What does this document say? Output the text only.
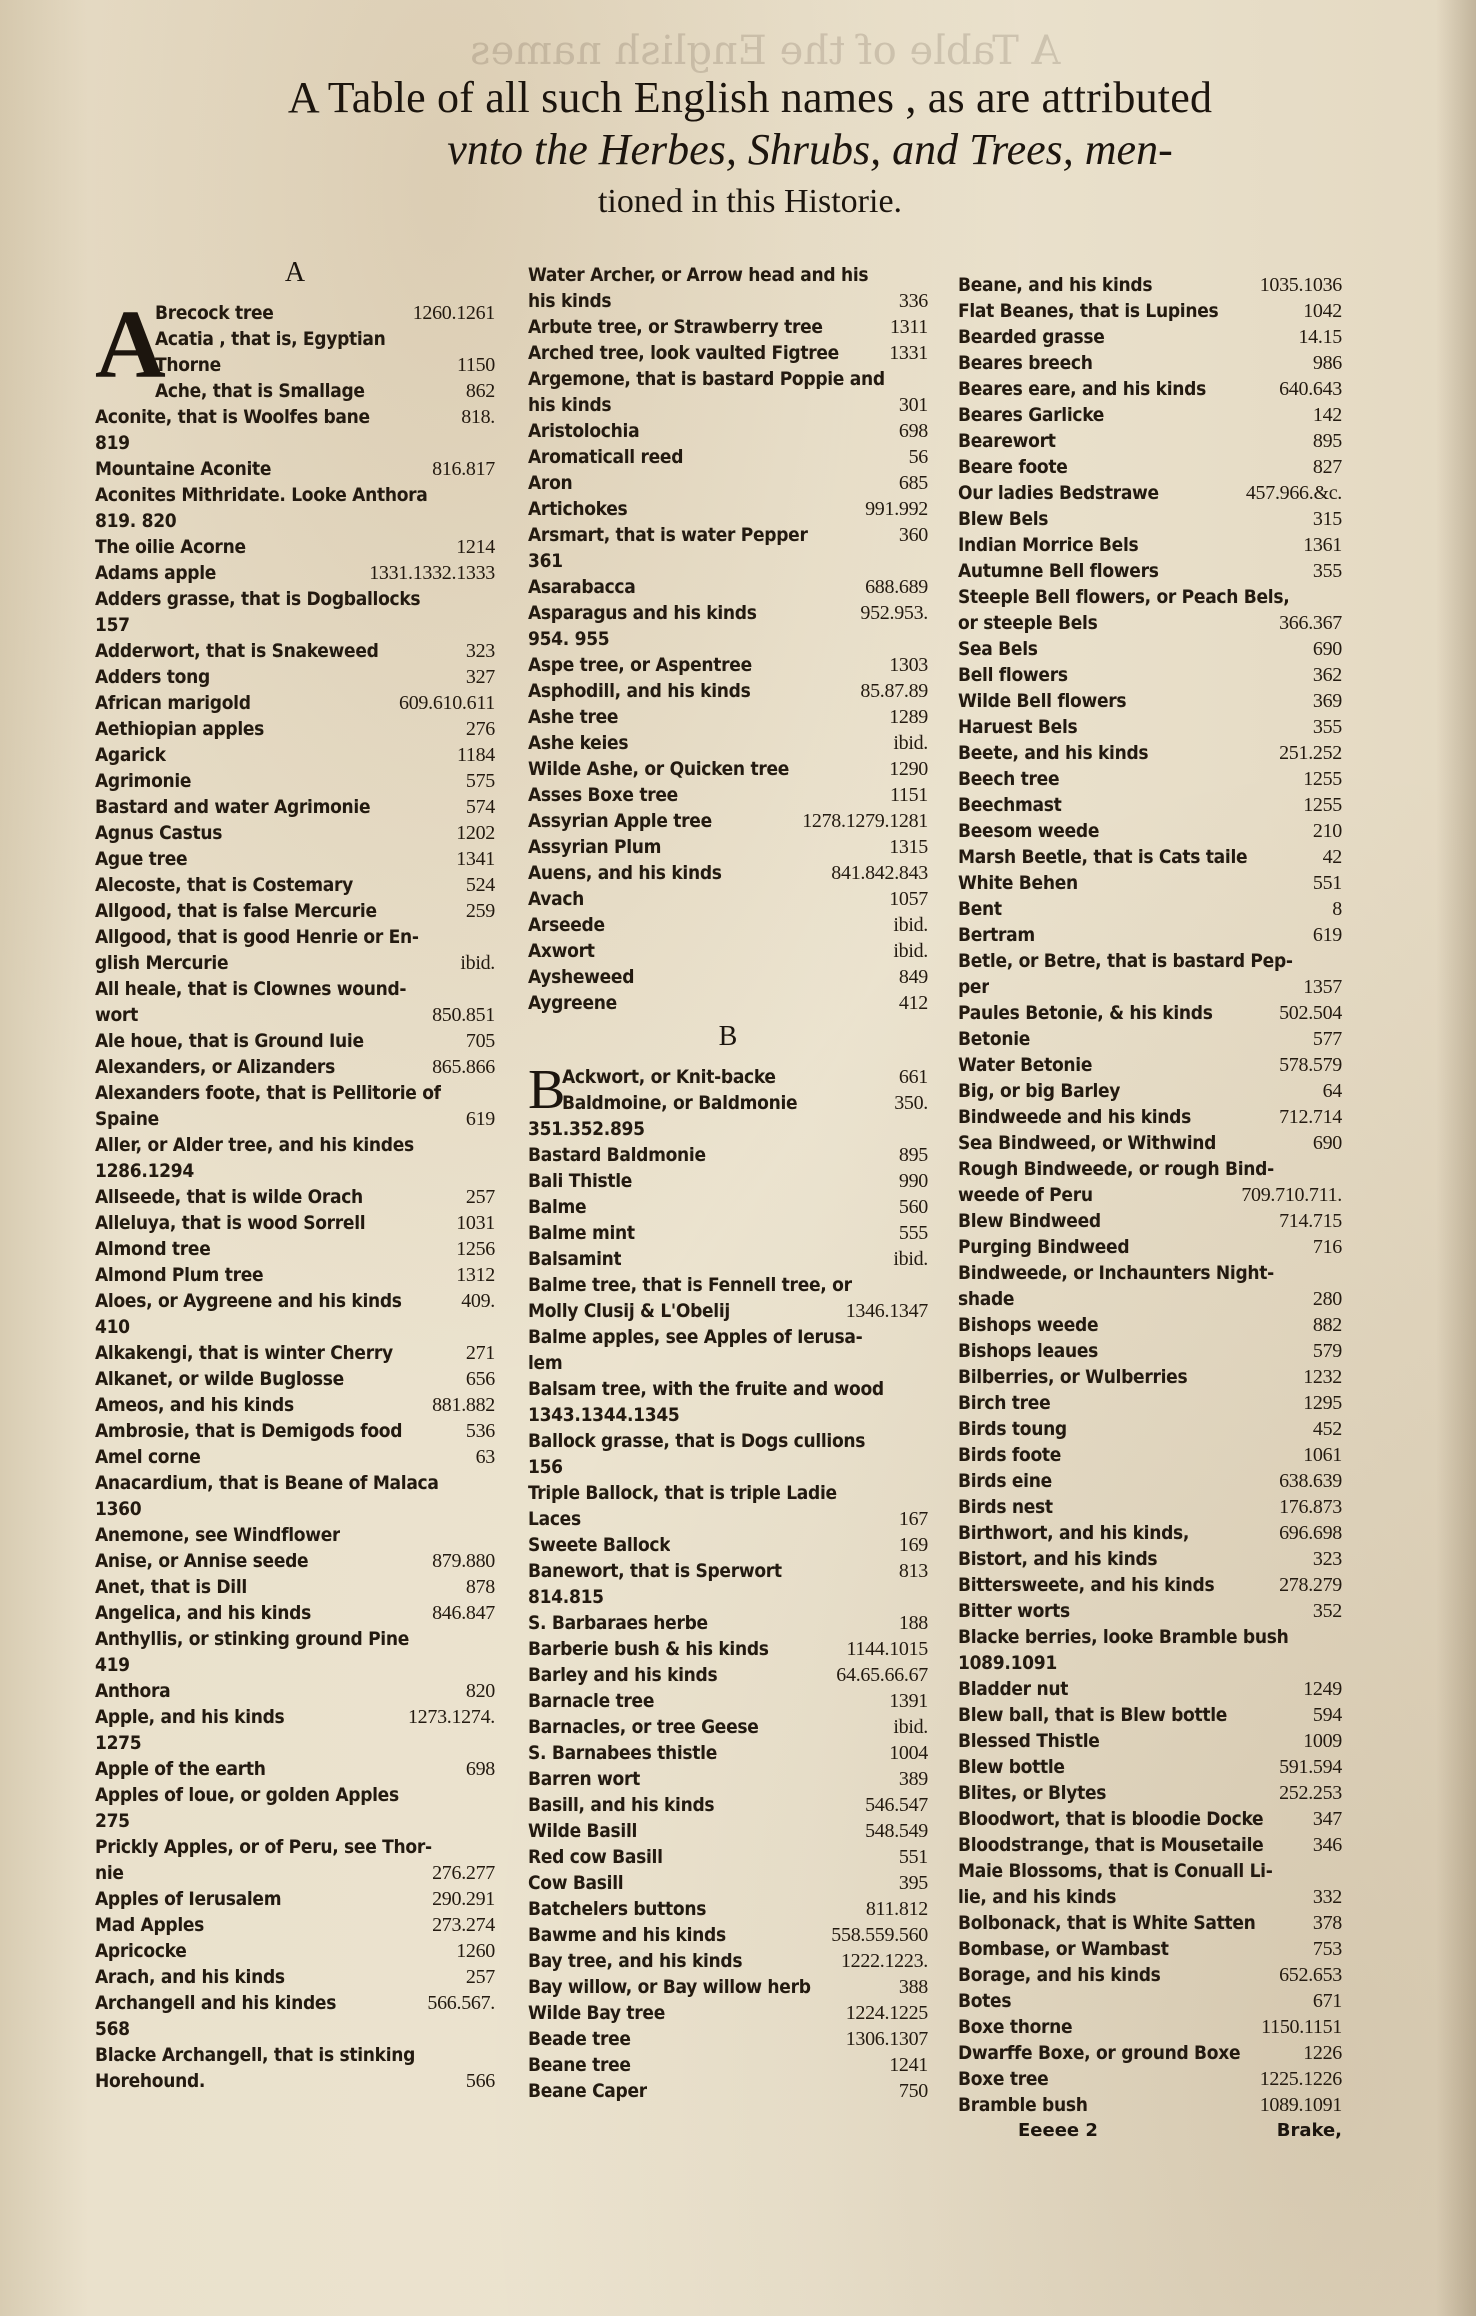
A Table of the English names
A Table of all such English names , as are attributed
vnto the Herbes, Shrubs, and Trees, men-
tioned in this Historie.
A
A
Brecock tree	1260.1261
Acatia , that is, Egyptian
Thorne	1150
Ache, that is Smallage	862
Aconite, that is Woolfes bane	818.
819
Mountaine Aconite	816.817
Aconites Mithridate. Looke Anthora
819. 820
The oilie Acorne	1214
Adams apple	1331.1332.1333
Adders grasse, that is Dogballocks
157
Adderwort, that is Snakeweed	323
Adders tong	327
African marigold	609.610.611
Aethiopian apples	276
Agarick	1184
Agrimonie	575
Bastard and water Agrimonie	574
Agnus Castus	1202
Ague tree	1341
Alecoste, that is Costemary	524
Allgood, that is false Mercurie	259
Allgood, that is good Henrie or En-
glish Mercurie	ibid.
All heale, that is Clownes wound-
wort	850.851
Ale houe, that is Ground Iuie	705
Alexanders, or Alizanders	865.866
Alexanders foote, that is Pellitorie of
Spaine	619
Aller, or Alder tree, and his kindes
1286.1294
Allseede, that is wilde Orach	257
Alleluya, that is wood Sorrell	1031
Almond tree	1256
Almond Plum tree	1312
Aloes, or Aygreene and his kinds	409.
410
Alkakengi, that is winter Cherry	271
Alkanet, or wilde Buglosse	656
Ameos, and his kinds	881.882
Ambrosie, that is Demigods food	536
Amel corne	63
Anacardium, that is Beane of Malaca
1360
Anemone, see Windflower
Anise, or Annise seede	879.880
Anet, that is Dill	878
Angelica, and his kinds	846.847
Anthyllis, or stinking ground Pine
419
Anthora	820
Apple, and his kinds	1273.1274.
1275
Apple of the earth	698
Apples of loue, or golden Apples
275
Prickly Apples, or of Peru, see Thor-
nie	276.277
Apples of Ierusalem	290.291
Mad Apples	273.274
Apricocke	1260
Arach, and his kinds	257
Archangell and his kindes	566.567.
568
Blacke Archangell, that is stinking
Horehound.	566
Water Archer, or Arrow head and his
his kinds	336
Arbute tree, or Strawberry tree	1311
Arched tree, look vaulted Figtree	1331
Argemone, that is bastard Poppie and
his kinds	301
Aristolochia	698
Aromaticall reed	56
Aron	685
Artichokes	991.992
Arsmart, that is water Pepper	360
361
Asarabacca	688.689
Asparagus and his kinds	952.953.
954. 955
Aspe tree, or Aspentree	1303
Asphodill, and his kinds	85.87.89
Ashe tree	1289
Ashe keies	ibid.
Wilde Ashe, or Quicken tree	1290
Asses Boxe tree	1151
Assyrian Apple tree	1278.1279.1281
Assyrian Plum	1315
Auens, and his kinds	841.842.843
Avach	1057
Arseede	ibid.
Axwort	ibid.
Aysheweed	849
Aygreene	412
B
B
Ackwort, or Knit-backe	661
Baldmoine, or Baldmonie	350.
351.352.895
Bastard Baldmonie	895
Bali Thistle	990
Balme	560
Balme mint	555
Balsamint	ibid.
Balme tree, that is Fennell tree, or
Molly Clusij & L'Obelij	1346.1347
Balme apples, see Apples of Ierusa-
lem
Balsam tree, with the fruite and wood
1343.1344.1345
Ballock grasse, that is Dogs cullions
156
Triple Ballock, that is triple Ladie
Laces	167
Sweete Ballock	169
Banewort, that is Sperwort	813
814.815
S. Barbaraes herbe	188
Barberie bush & his kinds	1144.1015
Barley and his kinds	64.65.66.67
Barnacle tree	1391
Barnacles, or tree Geese	ibid.
S. Barnabees thistle	1004
Barren wort	389
Basill, and his kinds	546.547
Wilde Basill	548.549
Red cow Basill	551
Cow Basill	395
Batchelers buttons	811.812
Bawme and his kinds	558.559.560
Bay tree, and his kinds	1222.1223.
Bay willow, or Bay willow herb	388
Wilde Bay tree	1224.1225
Beade tree	1306.1307
Beane tree	1241
Beane Caper	750
Beane, and his kinds	1035.1036
Flat Beanes, that is Lupines	1042
Bearded grasse	14.15
Beares breech	986
Beares eare, and his kinds	640.643
Beares Garlicke	142
Bearewort	895
Beare foote	827
Our ladies Bedstrawe	457.966.&c.
Blew Bels	315
Indian Morrice Bels	1361
Autumne Bell flowers	355
Steeple Bell flowers, or Peach Bels,
or steeple Bels	366.367
Sea Bels	690
Bell flowers	362
Wilde Bell flowers	369
Haruest Bels	355
Beete, and his kinds	251.252
Beech tree	1255
Beechmast	1255
Beesom weede	210
Marsh Beetle, that is Cats taile	42
White Behen	551
Bent	8
Bertram	619
Betle, or Betre, that is bastard Pep-
per	1357
Paules Betonie, & his kinds	502.504
Betonie	577
Water Betonie	578.579
Big, or big Barley	64
Bindweede and his kinds	712.714
Sea Bindweed, or Withwind	690
Rough Bindweede, or rough Bind-
weede of Peru	709.710.711.
Blew Bindweed	714.715
Purging Bindweed	716
Bindweede, or Inchaunters Night-
shade	280
Bishops weede	882
Bishops leaues	579
Bilberries, or Wulberries	1232
Birch tree	1295
Birds toung	452
Birds foote	1061
Birds eine	638.639
Birds nest	176.873
Birthwort, and his kinds,	696.698
Bistort, and his kinds	323
Bittersweete, and his kinds	278.279
Bitter worts	352
Blacke berries, looke Bramble bush
1089.1091
Bladder nut	1249
Blew ball, that is Blew bottle	594
Blessed Thistle	1009
Blew bottle	591.594
Blites, or Blytes	252.253
Bloodwort, that is bloodie Docke	347
Bloodstrange, that is Mousetaile	346
Maie Blossoms, that is Conuall Li-
lie, and his kinds	332
Bolbonack, that is White Satten	378
Bombase, or Wambast	753
Borage, and his kinds	652.653
Botes	671
Boxe thorne	1150.1151
Dwarffe Boxe, or ground Boxe	1226
Boxe tree	1225.1226
Bramble bush	1089.1091
Eeeee 2	Brake,
